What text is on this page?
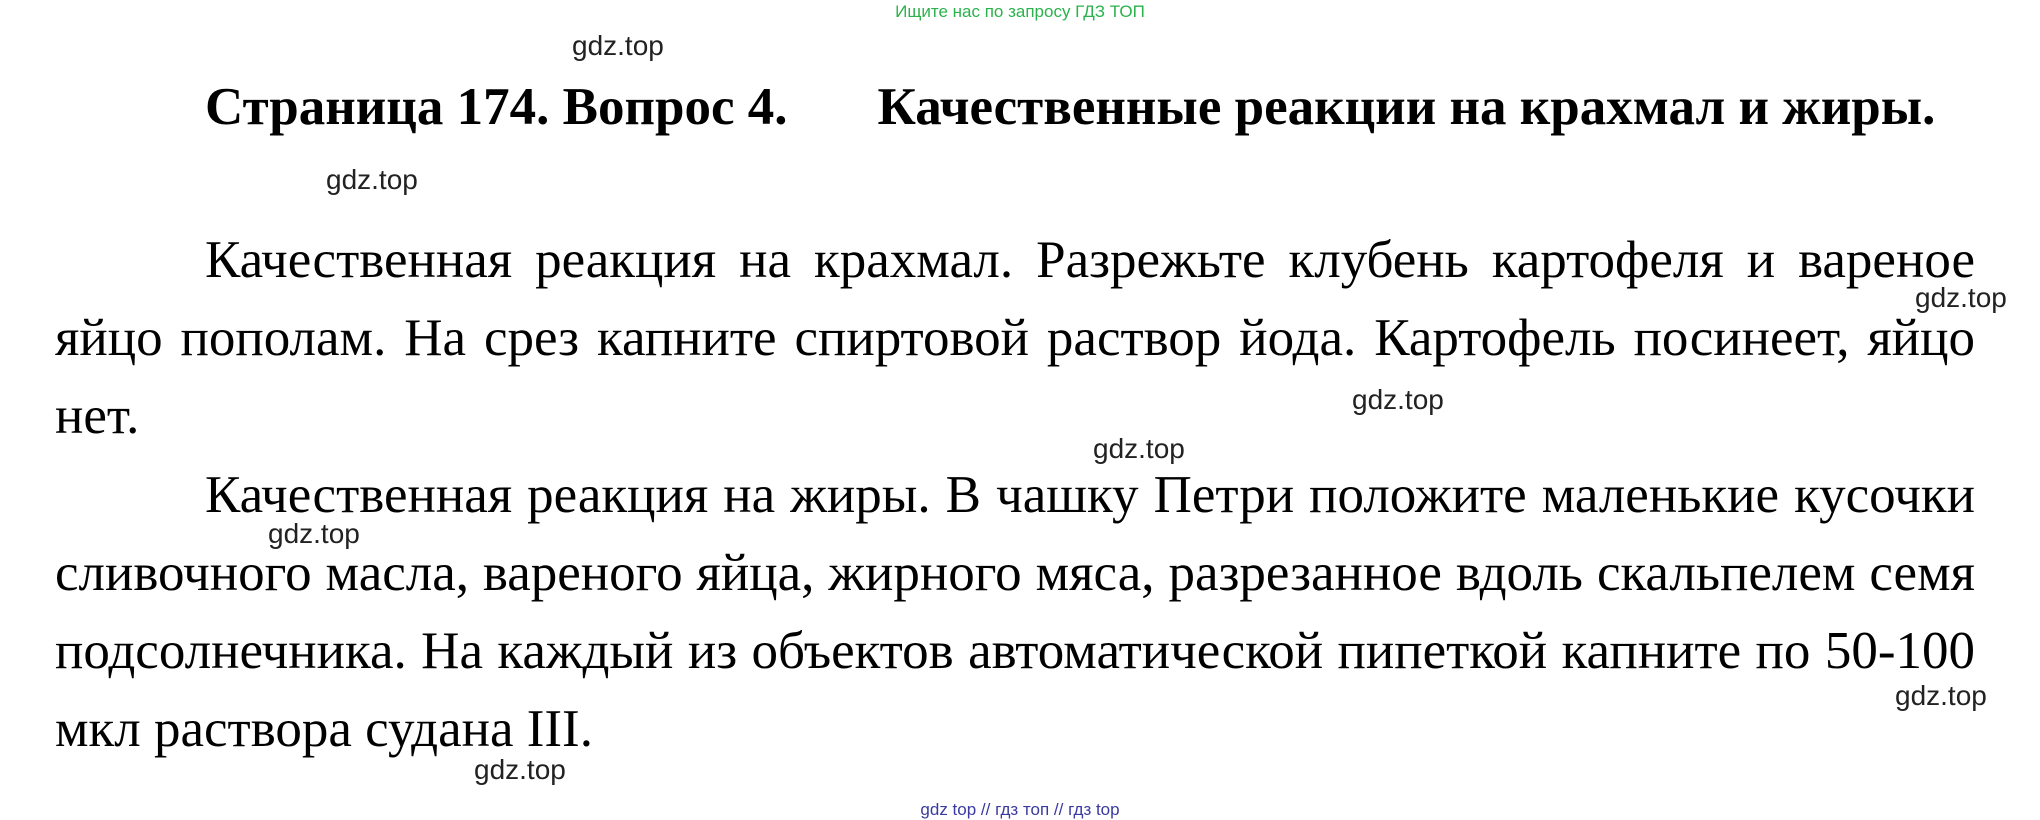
Ищите нас по запросу ГДЗ ТОП
Страница 174. Вопрос 4. Качественные реакции на крахмал и жиры.

Качественная реакция на крахмал. Разрежьте клубень картофеля и вареное яйцо пополам. На срез капните спиртовой раствор йода. Картофель посинеет, яйцо нет.

Качественная реакция на жиры. В чашку Петри положите маленькие кусочки сливочного масла, вареного яйца, жирного мяса, разрезанное вдоль скальпелем семя подсолнечника. На каждый из объектов автоматической пипеткой капните по 50-100 мкл раствора судана III.

gdz.top
gdz.top
gdz.top
gdz.top
gdz.top
gdz.top
gdz.top
gdz.top
gdz top // гдз топ // гдз top
